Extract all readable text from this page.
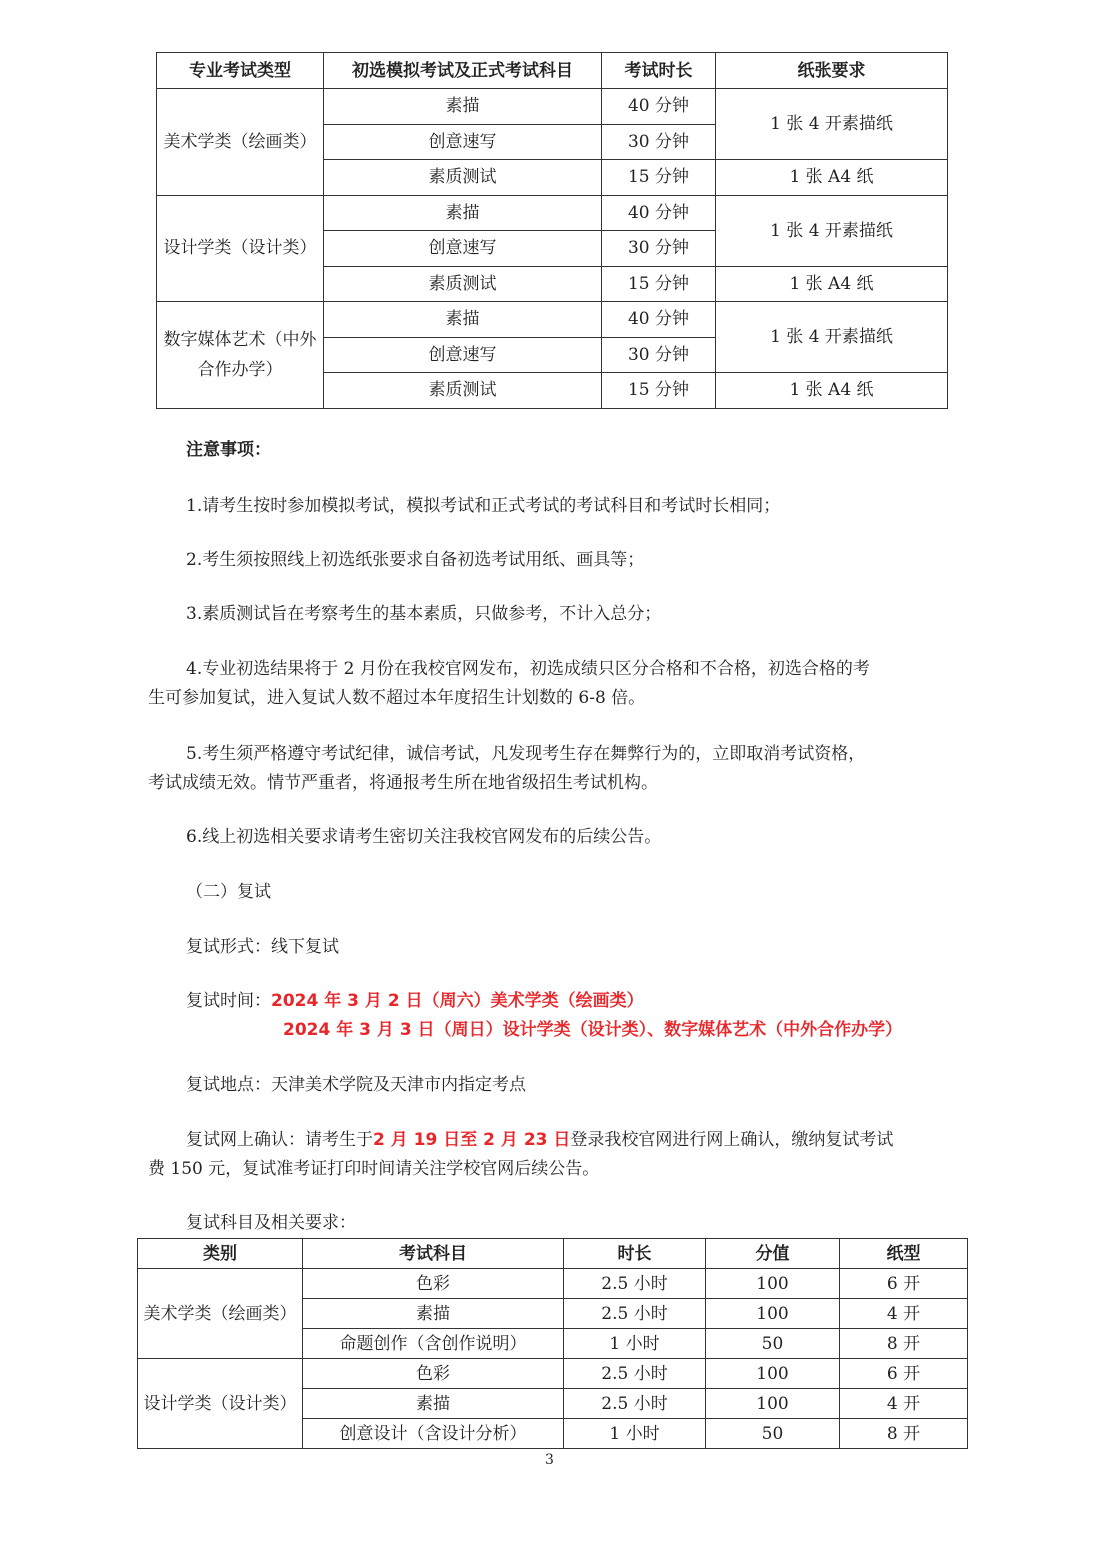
专业考试类型	初选模拟考试及正式考试科目	考试时长	纸张要求
美术学类（绘画类）	素描	40 分钟	1 张 4 开素描纸
	创意速写	30 分钟	
	素质测试	15 分钟	1 张 A4 纸
设计学类（设计类）	素描	40 分钟	1 张 4 开素描纸
	创意速写	30 分钟	
	素质测试	15 分钟	1 张 A4 纸
数字媒体艺术（中外合作办学）	素描	40 分钟	1 张 4 开素描纸
	创意速写	30 分钟	
	素质测试	15 分钟	1 张 A4 纸

注意事项：

1.请考生按时参加模拟考试，模拟考试和正式考试的考试科目和考试时长相同；

2.考生须按照线上初选纸张要求自备初选考试用纸、画具等；

3.素质测试旨在考察考生的基本素质，只做参考，不计入总分；

4.专业初选结果将于 2 月份在我校官网发布，初选成绩只区分合格和不合格，初选合格的考

生可参加复试，进入复试人数不超过本年度招生计划数的 6-8 倍。

5.考生须严格遵守考试纪律，诚信考试，凡发现考生存在舞弊行为的，立即取消考试资格，

考试成绩无效。情节严重者，将通报考生所在地省级招生考试机构。

6.线上初选相关要求请考生密切关注我校官网发布的后续公告。

（二）复试

复试形式：线下复试

复试时间：2024 年 3 月 2 日（周六）美术学类（绘画类）

2024 年 3 月 3 日（周日）设计学类（设计类）、数字媒体艺术（中外合作办学）

复试地点：天津美术学院及天津市内指定考点

复试网上确认：请考生于2 月 19 日至 2 月 23 日登录我校官网进行网上确认，缴纳复试考试

费 150 元，复试准考证打印时间请关注学校官网后续公告。

复试科目及相关要求：

类别	考试科目	时长	分值	纸型
美术学类（绘画类）	色彩	2.5 小时	100	6 开
	素描	2.5 小时	100	4 开
	命题创作（含创作说明）	1 小时	50	8 开
设计学类（设计类）	色彩	2.5 小时	100	6 开
	素描	2.5 小时	100	4 开
	创意设计（含设计分析）	1 小时	50	8 开
3
